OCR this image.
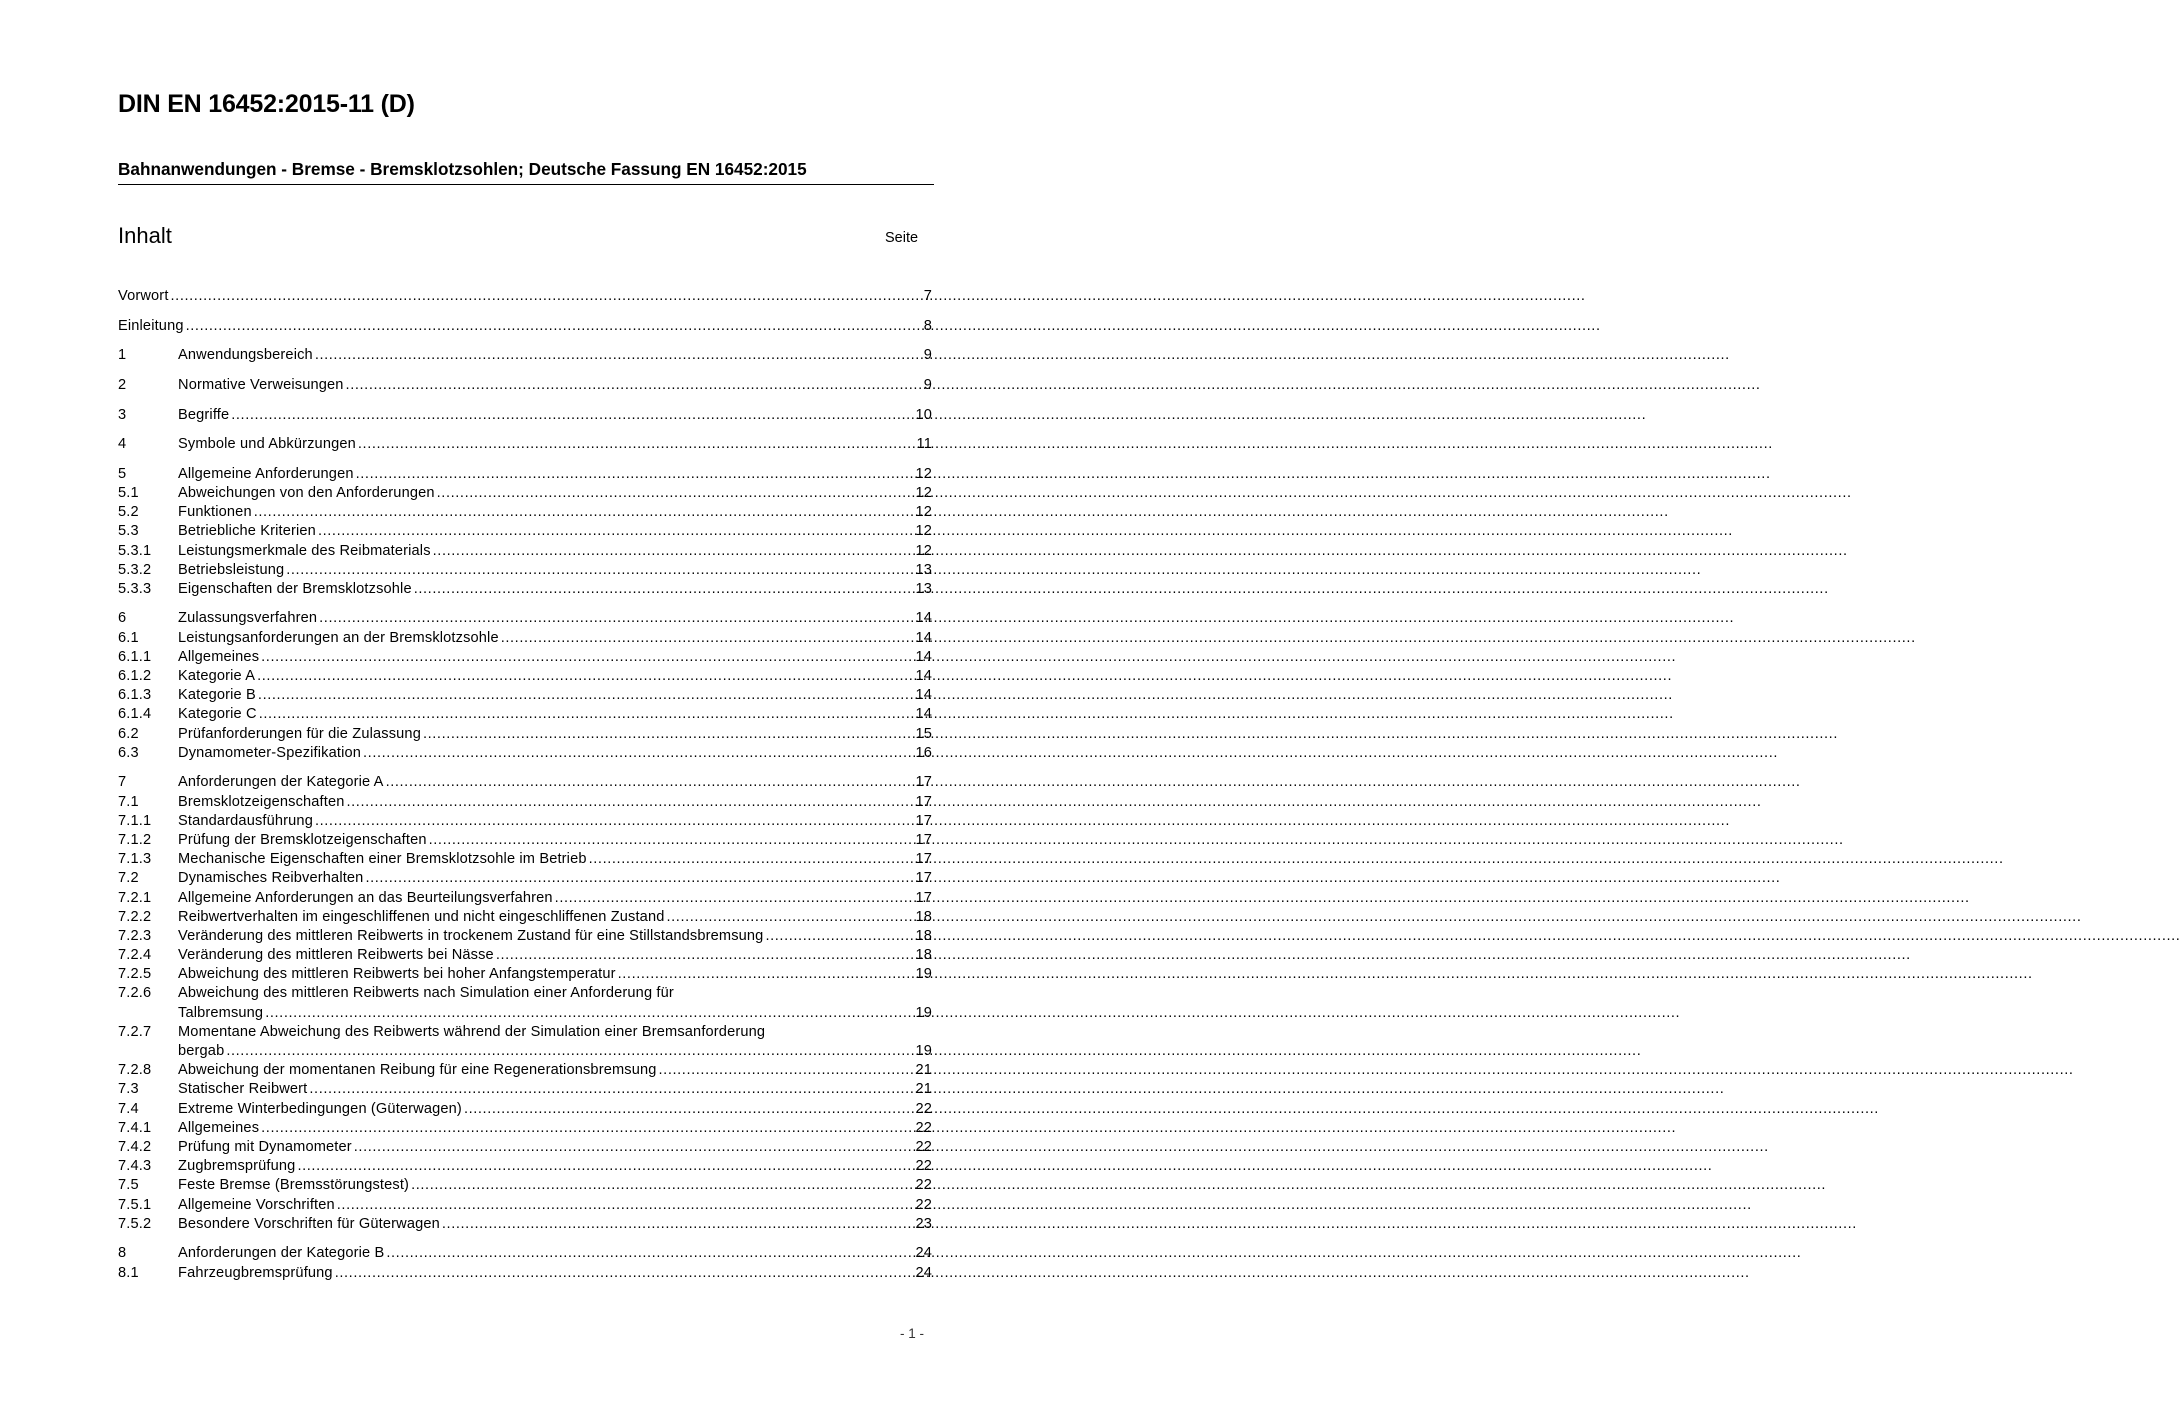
DIN EN 16452:2015-11 (D)
Bahnanwendungen - Bremse - Bremsklotzsohlen; Deutsche Fassung EN 16452:2015
Inhalt	Seite
Vorwort .....	7
Einleitung .....	8
1	Anwendungsbereich .....	9
2	Normative Verweisungen .....	9
3	Begriffe .....	10
4	Symbole und Abkürzungen .....	11
5	Allgemeine Anforderungen .....	12
5.1	Abweichungen von den Anforderungen .....	12
5.2	Funktionen .....	12
5.3	Betriebliche Kriterien .....	12
5.3.1	Leistungsmerkmale des Reibmaterials .....	12
5.3.2	Betriebsleistung .....	13
5.3.3	Eigenschaften der Bremsklotzsohle .....	13
6	Zulassungsverfahren .....	14
6.1	Leistungsanforderungen an der Bremsklotzsohle .....	14
6.1.1	Allgemeines .....	14
6.1.2	Kategorie A .....	14
6.1.3	Kategorie B .....	14
6.1.4	Kategorie C .....	14
6.2	Prüfanforderungen für die Zulassung .....	15
6.3	Dynamometer-Spezifikation .....	16
7	Anforderungen der Kategorie A .....	17
7.1	Bremsklotzeigenschaften .....	17
7.1.1	Standardausführung .....	17
7.1.2	Prüfung der Bremsklotzeigenschaften .....	17
7.1.3	Mechanische Eigenschaften einer Bremsklotzsohle im Betrieb .....	17
7.2	Dynamisches Reibverhalten .....	17
7.2.1	Allgemeine Anforderungen an das Beurteilungsverfahren .....	17
7.2.2	Reibwertverhalten im eingeschliffenen und nicht eingeschliffenen Zustand .....	18
7.2.3	Veränderung des mittleren Reibwerts in trockenem Zustand für eine Stillstandsbremsung .....	18
7.2.4	Veränderung des mittleren Reibwerts bei Nässe .....	18
7.2.5	Abweichung des mittleren Reibwerts bei hoher Anfangstemperatur .....	19
7.2.6	Abweichung des mittleren Reibwerts nach Simulation einer Anforderung für
Talbremsung .....	19
7.2.7	Momentane Abweichung des Reibwerts während der Simulation einer Bremsanforderung
bergab .....	19
7.2.8	Abweichung der momentanen Reibung für eine Regenerationsbremsung .....	21
7.3	Statischer Reibwert .....	21
7.4	Extreme Winterbedingungen (Güterwagen) .....	22
7.4.1	Allgemeines .....	22
7.4.2	Prüfung mit Dynamometer .....	22
7.4.3	Zugbremsprüfung .....	22
7.5	Feste Bremse (Bremsstörungstest) .....	22
7.5.1	Allgemeine Vorschriften .....	22
7.5.2	Besondere Vorschriften für Güterwagen .....	23
8	Anforderungen der Kategorie B .....	24
8.1	Fahrzeugbremsprüfung .....	24
- 1 -
